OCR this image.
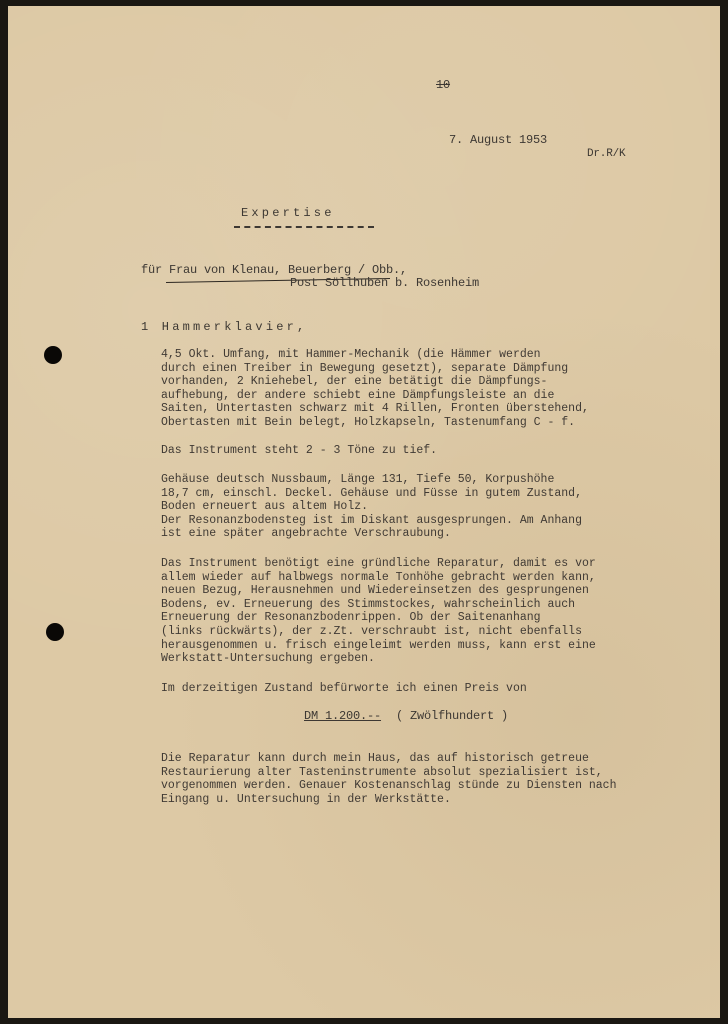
10
7. August 1953
Dr.R/K
Expertise
für Frau von Klenau, Beuerberg / Obb.,
Post Söllhuben b. Rosenheim
1 Hammerklavier,
4,5 Okt. Umfang, mit Hammer-Mechanik (die Hämmer werden
durch einen Treiber in Bewegung gesetzt), separate Dämpfung
vorhanden, 2 Kniehebel, der eine betätigt die Dämpfungs-
aufhebung, der andere schiebt eine Dämpfungsleiste an die
Saiten, Untertasten schwarz mit 4 Rillen, Fronten überstehend,
Obertasten mit Bein belegt, Holzkapseln, Tastenumfang C - f.
Das Instrument steht 2 - 3 Töne zu tief.
Gehäuse deutsch Nussbaum, Länge 131, Tiefe 50, Korpushöhe
18,7 cm, einschl. Deckel. Gehäuse und Füsse in gutem Zustand,
Boden erneuert aus altem Holz.
Der Resonanzbodensteg ist im Diskant ausgesprungen. Am Anhang
ist eine später angebrachte Verschraubung.
Das Instrument benötigt eine gründliche Reparatur, damit es vor
allem wieder auf halbwegs normale Tonhöhe gebracht werden kann,
neuen Bezug, Herausnehmen und Wiedereinsetzen des gesprungenen
Bodens, ev. Erneuerung des Stimmstockes, wahrscheinlich auch
Erneuerung der Resonanzbodenrippen. Ob der Saitenanhang
(links rückwärts), der z.Zt. verschraubt ist, nicht ebenfalls
herausgenommen u. frisch eingeleimt werden muss, kann erst eine
Werkstatt-Untersuchung ergeben.
Im derzeitigen Zustand befürworte ich einen Preis von
DM 1.200.-- ( Zwölfhundert )
Die Reparatur kann durch mein Haus, das auf historisch getreue
Restaurierung alter Tasteninstrumente absolut spezialisiert ist,
vorgenommen werden. Genauer Kostenanschlag stünde zu Diensten nach
Eingang u. Untersuchung in der Werkstätte.
